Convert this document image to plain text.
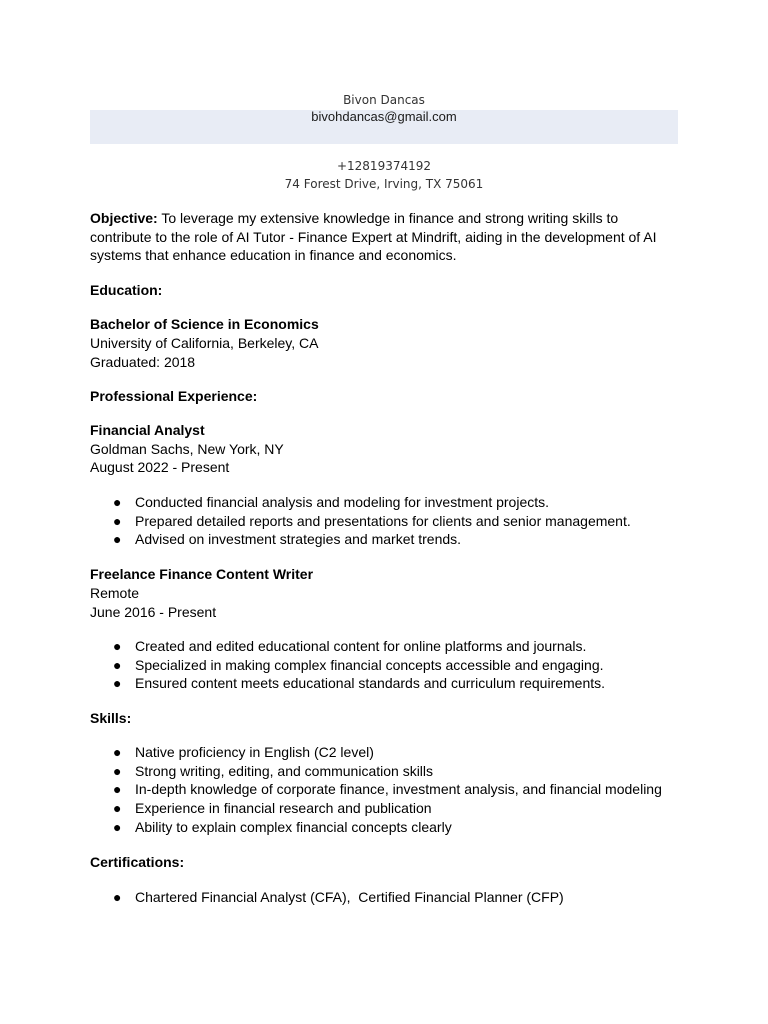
Bivon Dancas
bivohdancas@gmail.com
+12819374192
74 Forest Drive, Irving, TX 75061
Objective: To leverage my extensive knowledge in finance and strong writing skills to contribute to the role of AI Tutor - Finance Expert at Mindrift, aiding in the development of AI systems that enhance education in finance and economics.
Education:
Bachelor of Science in Economics
University of California, Berkeley, CA
Graduated: 2018
Professional Experience:
Financial Analyst
Goldman Sachs, New York, NY
August 2022 - Present
● Conducted financial analysis and modeling for investment projects.
● Prepared detailed reports and presentations for clients and senior management.
● Advised on investment strategies and market trends.
Freelance Finance Content Writer
Remote
June 2016 - Present
● Created and edited educational content for online platforms and journals.
● Specialized in making complex financial concepts accessible and engaging.
● Ensured content meets educational standards and curriculum requirements.
Skills:
● Native proficiency in English (C2 level)
● Strong writing, editing, and communication skills
● In-depth knowledge of corporate finance, investment analysis, and financial modeling
● Experience in financial research and publication
● Ability to explain complex financial concepts clearly
Certifications:
● Chartered Financial Analyst (CFA),  Certified Financial Planner (CFP)
